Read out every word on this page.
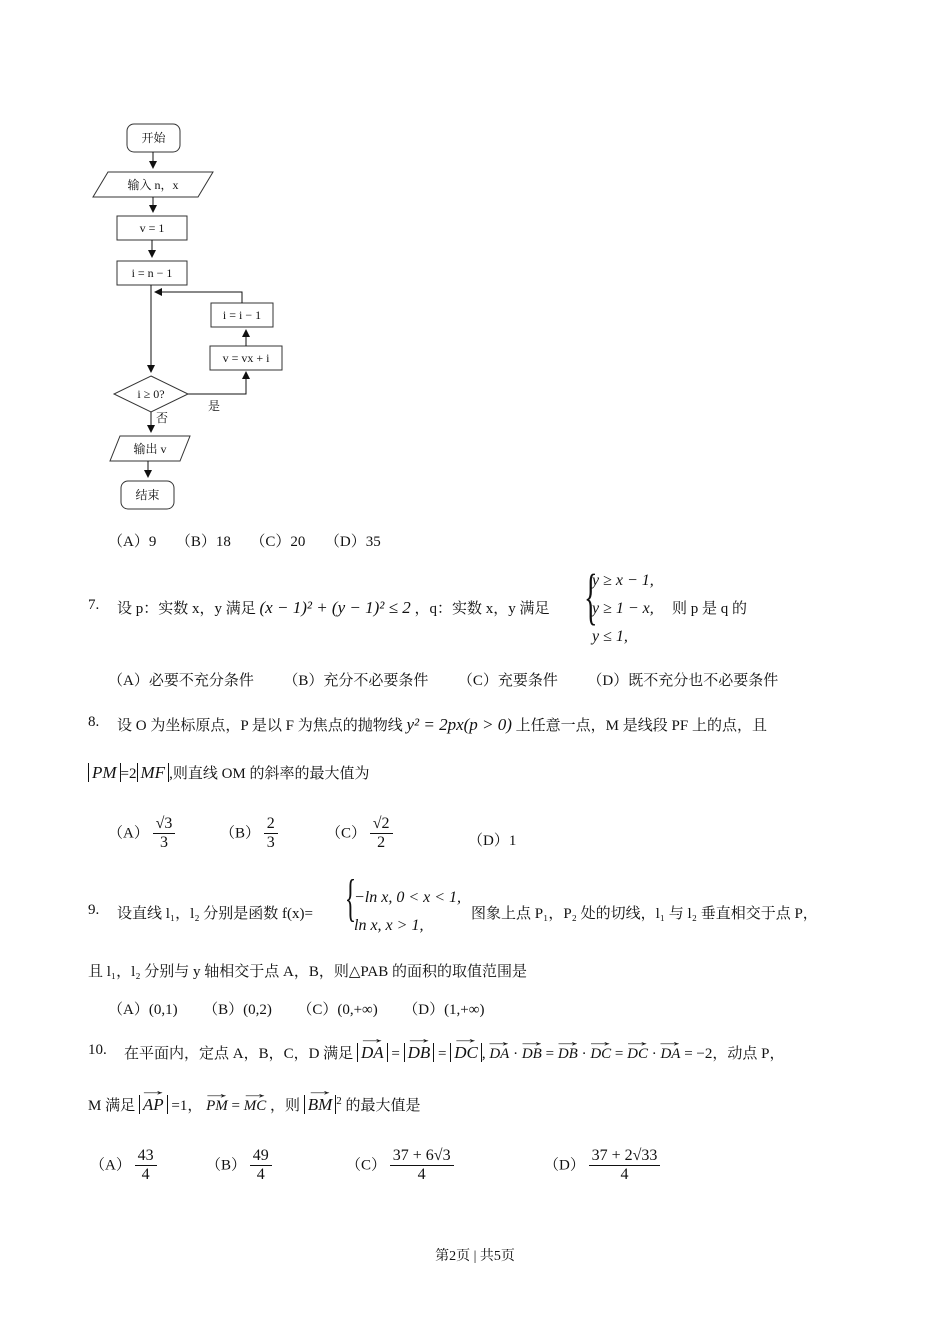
开始
输入 n，x
v = 1
i = n − 1
i ≥ 0?
是
v = vx + i
i = i − 1
否
输出 v
结束
（A）9 （B）18 （C）20 （D）35
7. 设 p：实数 x，y 满足 (x − 1)² + (y − 1)² ≤ 2 ，q：实数 x，y 满足 {
y ≥ x − 1,
y ≥ 1 − x,
y ≤ 1,
则 p 是 q 的
（A）必要不充分条件 （B）充分不必要条件 （C）充要条件 （D）既不充分也不必要条件
8. 设 O 为坐标原点，P 是以 F 为焦点的抛物线 y² = 2px(p > 0) 上任意一点，M 是线段 PF 上的点，且
PM =2 MF ,则直线 OM 的斜率的最大值为
$(A) \frac{√3}{3}$	$(B) \frac{2}{3}$	$(C) \frac{√2}{2}$	（D）1
9. 设直线 l₁，l₂ 分别是函数 f(x)= {
−ln x, 0 < x < 1,
ln x, x > 1,
图象上点 P₁，P₂ 处的切线，l₁ 与 l₂ 垂直相交于点 P，
且 l₁，l₂ 分别与 y 轴相交于点 A，B，则△PAB 的面积的取值范围是
（A）(0,1) （B）(0,2) （C）(0,+∞) （D）(1,+∞)
10. 在平面内，定点 A，B，C，D 满足 → DA = → DB = → DC , → DA · → DB = → DB · → DC = → DC · → DA = −2，动点 P，
M 满足 → AP =1， → PM = → MC ，则 → BM $^2$ 的最大值是
$(A) \frac{43}{4}$	$(B) \frac{49}{4}$	$(C) \frac{37 + 6√3}{4}$	$(D) \frac{37 + 2√33}{4}$
第2页 | 共5页
